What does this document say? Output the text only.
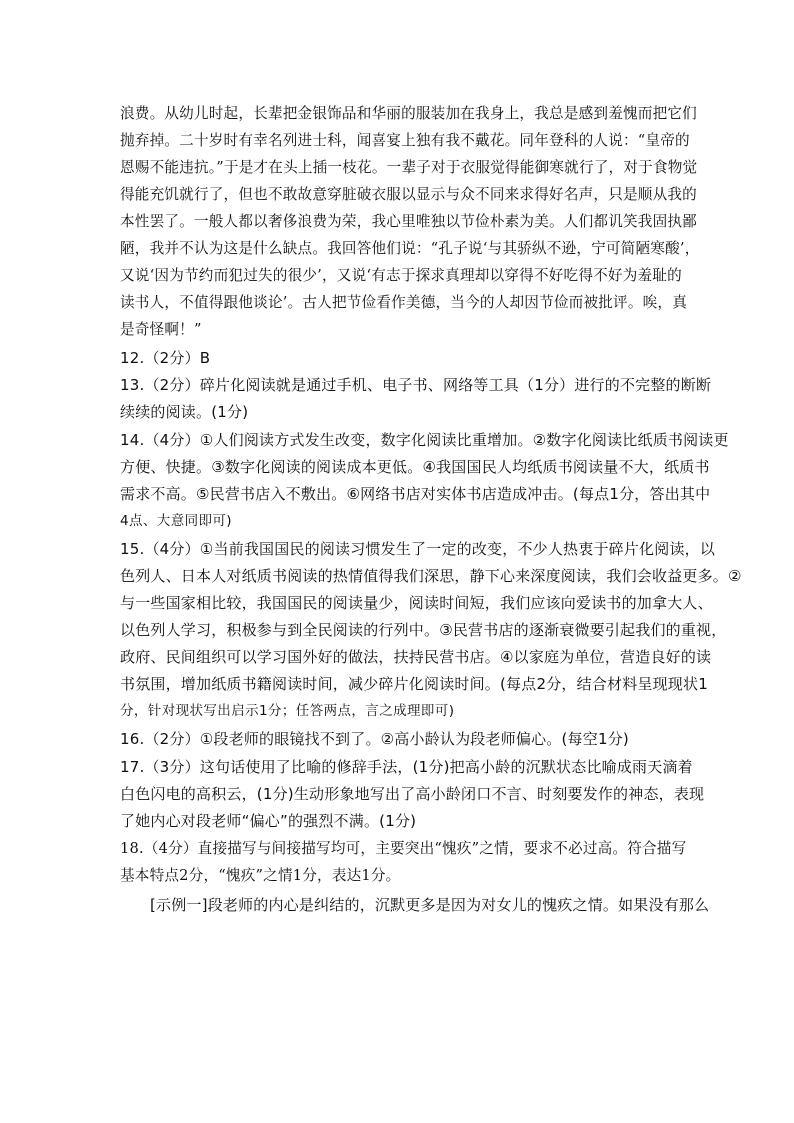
浪费。从幼儿时起，长辈把金银饰品和华丽的服装加在我身上，我总是感到羞愧而把它们
抛弃掉。二十岁时有幸名列进士科，闻喜宴上独有我不戴花。同年登科的人说：“皇帝的
恩赐不能违抗。”于是才在头上插一枝花。一辈子对于衣服觉得能御寒就行了，对于食物觉
得能充饥就行了，但也不敢故意穿脏破衣服以显示与众不同来求得好名声，只是顺从我的
本性罢了。一般人都以奢侈浪费为荣，我心里唯独以节俭朴素为美。人们都讥笑我固执鄙
陋，我并不认为这是什么缺点。我回答他们说：“孔子说‘与其骄纵不逊，宁可简陋寒酸’，
又说‘因为节约而犯过失的很少’，又说‘有志于探求真理却以穿得不好吃得不好为羞耻的
读书人，不值得跟他谈论’。古人把节俭看作美德，当今的人却因节俭而被批评。唉，真
是奇怪啊！”
12.（2分）B
13.（2分）碎片化阅读就是通过手机、电子书、网络等工具（1分）进行的不完整的断断
续续的阅读。(1分)
14.（4分）①人们阅读方式发生改变，数字化阅读比重增加。②数字化阅读比纸质书阅读更
方便、快捷。③数字化阅读的阅读成本更低。④我国国民人均纸质书阅读量不大，纸质书
需求不高。⑤民营书店入不敷出。⑥网络书店对实体书店造成冲击。(每点1分，答出其中
4点、大意同即可)
15.（4分）①当前我国国民的阅读习惯发生了一定的改变，不少人热衷于碎片化阅读，以
色列人、日本人对纸质书阅读的热情值得我们深思，静下心来深度阅读，我们会收益更多。②
与一些国家相比较，我国国民的阅读量少，阅读时间短，我们应该向爱读书的加拿大人、
以色列人学习，积极参与到全民阅读的行列中。③民营书店的逐渐衰微要引起我们的重视，
政府、民间组织可以学习国外好的做法，扶持民营书店。④以家庭为单位，营造良好的读
书氛围，增加纸质书籍阅读时间，减少碎片化阅读时间。(每点2分，结合材料呈现现状1
分，针对现状写出启示1分；任答两点，言之成理即可)
16.（2分）①段老师的眼镜找不到了。②高小龄认为段老师偏心。(每空1分)
17.（3分）这句话使用了比喻的修辞手法，(1分)把高小龄的沉默状态比喻成雨天滴着
白色闪电的高积云，(1分)生动形象地写出了高小龄闭口不言、时刻要发作的神态，表现
了她内心对段老师“偏心”的强烈不满。(1分)
18.（4分）直接描写与间接描写均可，主要突出“愧疚”之情，要求不必过高。符合描写
基本特点2分，“愧疚”之情1分，表达1分。
[示例一]段老师的内心是纠结的，沉默更多是因为对女儿的愧疚之情。如果没有那么
